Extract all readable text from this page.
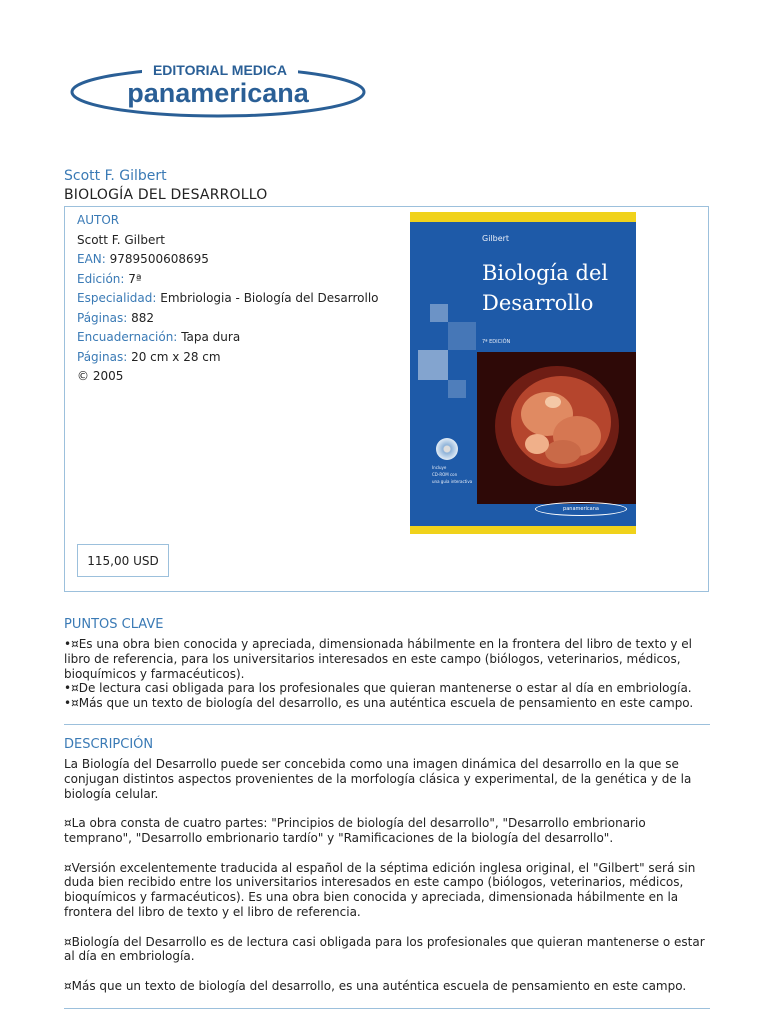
EDITORIAL MEDICA
panamericana
Scott F. Gilbert
BIOLOGÍA DEL DESARROLLO
AUTOR
Scott F. Gilbert
EAN: 9789500608695
Edición: 7ª
Especialidad: Embriologia - Biología del Desarrollo
Páginas: 882
Encuadernación: Tapa dura
Páginas: 20 cm x 28 cm
© 2005
115,00 USD
Gilbert
Biología del
Desarrollo
7ª EDICIÓN
Incluye
CD-ROM con
una guía interactiva
panamericana
PUNTOS CLAVE

•¤Es una obra bien conocida y apreciada, dimensionada hábilmente en la frontera del libro de texto y el libro de referencia, para los universitarios interesados en este campo (biólogos, veterinarios, médicos, bioquímicos y farmacéuticos).

•¤De lectura casi obligada para los profesionales que quieran mantenerse o estar al día en embriología.

•¤Más que un texto de biología del desarrollo, es una auténtica escuela de pensamiento en este campo.

DESCRIPCIÓN

La Biología del Desarrollo puede ser concebida como una imagen dinámica del desarrollo en la que se conjugan distintos aspectos provenientes de la morfología clásica y experimental, de la genética y de la biología celular.

¤La obra consta de cuatro partes: "Principios de biología del desarrollo", "Desarrollo embrionario temprano", "Desarrollo embrionario tardío" y "Ramificaciones de la biología del desarrollo".

¤Versión excelentemente traducida al español de la séptima edición inglesa original, el "Gilbert" será sin duda bien recibido entre los universitarios interesados en este campo (biólogos, veterinarios, médicos, bioquímicos y farmacéuticos). Es una obra bien conocida y apreciada, dimensionada hábilmente en la frontera del libro de texto y el libro de referencia.

¤Biología del Desarrollo es de lectura casi obligada para los profesionales que quieran mantenerse o estar al día en embriología.

¤Más que un texto de biología del desarrollo, es una auténtica escuela de pensamiento en este campo.
